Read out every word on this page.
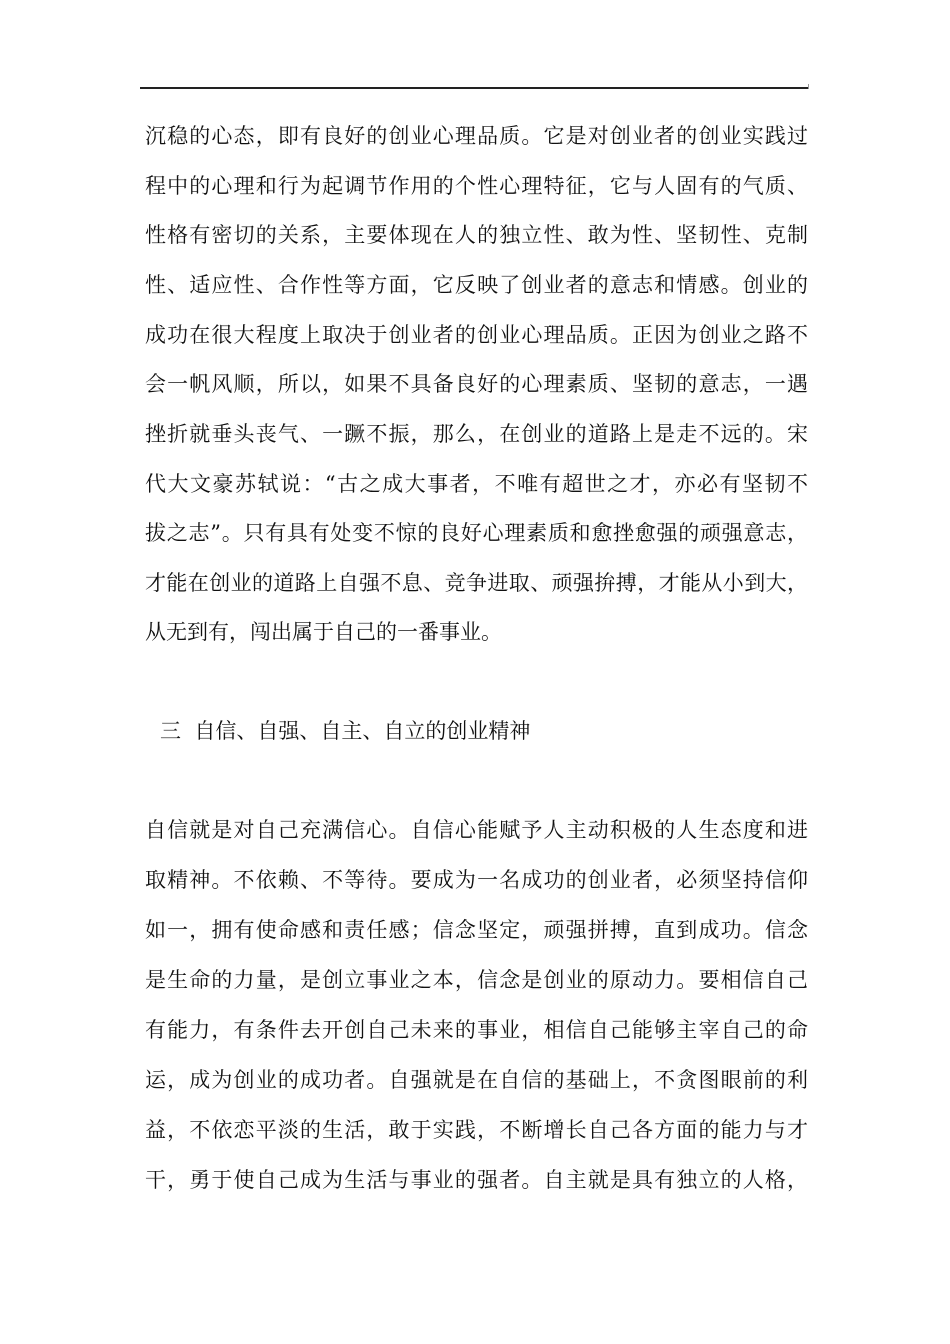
沉稳的心态，即有良好的创业心理品质。它是对创业者的创业实践过
程中的心理和行为起调节作用的个性心理特征，它与人固有的气质、
性格有密切的关系，主要体现在人的独立性、敢为性、坚韧性、克制
性、适应性、合作性等方面，它反映了创业者的意志和情感。创业的
成功在很大程度上取决于创业者的创业心理品质。正因为创业之路不
会一帆风顺，所以，如果不具备良好的心理素质、坚韧的意志，一遇
挫折就垂头丧气、一蹶不振，那么，在创业的道路上是走不远的。宋
代大文豪苏轼说：“古之成大事者，不唯有超世之才，亦必有坚韧不
拔之志”。只有具有处变不惊的良好心理素质和愈挫愈强的顽强意志，
才能在创业的道路上自强不息、竞争进取、顽强拚搏，才能从小到大，
从无到有，闯出属于自己的一番事业。
三  自信、自强、自主、自立的创业精神
自信就是对自己充满信心。自信心能赋予人主动积极的人生态度和进
取精神。不依赖、不等待。要成为一名成功的创业者，必须坚持信仰
如一，拥有使命感和责任感；信念坚定，顽强拼搏，直到成功。信念
是生命的力量，是创立事业之本，信念是创业的原动力。要相信自己
有能力，有条件去开创自己未来的事业，相信自己能够主宰自己的命
运，成为创业的成功者。自强就是在自信的基础上，不贪图眼前的利
益，不依恋平淡的生活，敢于实践，不断增长自己各方面的能力与才
干，勇于使自己成为生活与事业的强者。自主就是具有独立的人格，
